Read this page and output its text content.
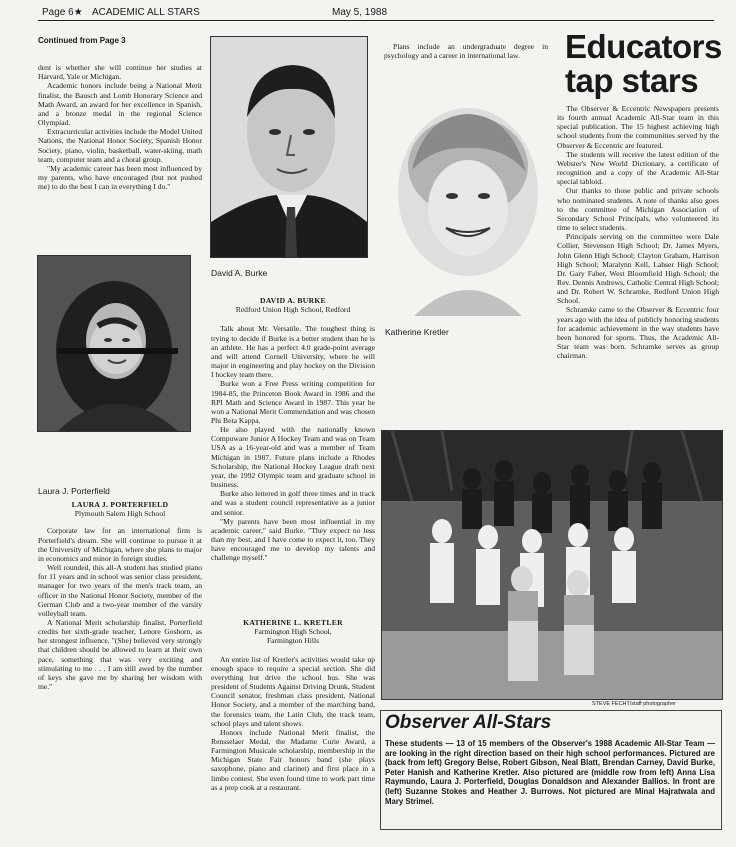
Page 6★ ACADEMIC ALL STARS	May 5, 1988
Continued from Page 3

dent is whether she will continue her studies at Harvard, Yale or Michigan.

Academic honors include being a National Merit finalist, the Bausch and Lomb Honorary Science and Math Award, an award for her excellence in Spanish, and a bronze medal in the regional Science Olympiad.

Extracurricular activities include the Model United Nations, the National Honor Society, Spanish Honor Society, piano, violin, basketball, water-skiing, math team, computer team and a choral group.

"My academic career has been most influenced by my parents, who have encouraged (but not pushed me) to do the best I can in everything I do."

Laura J. Porterfield
LAURA J. PORTERFIELD
Plymouth Salem High School

Corporate law for an international firm is Porterfield's dream. She will continue to pursue it at the University of Michigan, where she plans to major in economics and minor in foreign studies.

Well rounded, this all-A student has studied piano for 11 years and in school was senior class president, manager for two years of the men's track team, an officer in the National Honor Society, member of the German Club and a two-year member of the varsity volleyball team.

A National Merit scholarship finalist, Porterfield credits her sixth-grade teacher, Lenore Goshorn, as her strongest influence. "(She) believed very strongly that children should be allowed to learn at their own pace, something that was very exciting and stimulating to me . . . I am still awed by the number of keys she gave me by sharing her wisdom with me."

David A. Burke
DAVID A. BURKE
Redford Union High School, Redford

Talk about Mr. Versatile. The toughest thing is trying to decide if Burke is a better student than he is an athlete. He has a perfect 4.0 grade-point average and will attend Cornell University, where he will major in engineering and play hockey on the Division I hockey team there.

Burke won a Free Press writing competition for 1984-85, the Princeton Book Award in 1986 and the RPI Math and Science Award in 1987. This year he won a National Merit Commendation and was chosen Phi Beta Kappa.

He also played with the nationally known Compuware Junior A Hockey Team and was on Team USA as a 16-year-old and was a member of Team Michigan in 1987. Future plans include a Rhodes Scholarship, the National Hockey League draft next year, the 1992 Olympic team and graduate school in business.

Burke also lettered in golf three times and in track and was a student council representative as a junior and senior.

"My parents have been most influential in my academic career," said Burke. "They expect no less than my best, and I have come to expect it, too. They have encouraged me to develop my talents and challenge myself."

KATHERINE L. KRETLER
Farmington High School,
Farmington Hills

An entire list of Kretler's activities would take up enough space to require a special section. She did everything but drive the school bus. She was president of Students Against Driving Drunk, Student Council senator, freshman class president, National Honor Society, and a member of the marching band, the forensics team, the Latin Club, the track team, school plays and talent shows.

Honors include National Merit finalist, the Rensselaer Medal, the Madame Curie Award, a Farmington Musicale scholarship, membership in the Michigan State Fair honors band (she plays saxophone, piano and clarinet) and first place in a limbo contest. She even found time to work part time as a prep cook at a restaurant.

Plans include an undergraduate degree in psychology and a career in international law.

Katherine Kretler
Educators
tap stars

The Observer & Eccentric Newspapers presents its fourth annual Academic All-Star team in this special publication. The 15 highest achieving high school students from the communities served by the Observer & Eccentric are featured.

The students will receive the latest edition of the Webster's New World Dictionary, a certificate of recognition and a copy of the Academic All-Star special tabloid.

Our thanks to those public and private schools who nominated students. A note of thanks also goes to the committee of Michigan Association of Secondary School Principals, who volunteered its time to select students.

Principals serving on the committee were Dale Collier, Stevenson High School; Dr. James Myers, John Glenn High School; Clayton Graham, Harrison High School; Maralynn Kell, Lahser High School; Dr. Gary Faber, West Bloomfield High School; the Rev. Dennis Andrews, Catholic Central High School; and Dr. Robert W. Schramke, Redford Union High School.

Schramke came to the Observer & Eccentric four years ago with the idea of publicly honoring students for academic achievement in the way students have been honored for sports. Thus, the Academic All-Star team was born. Schramke serves as group chairman.

STEVE FECHT/staff photographer
Observer All-Stars
These students — 13 of 15 members of the Observer's 1988 Academic All-Star Team — are looking in the right direction based on their high school performances. Pictured are (back from left) Gregory Belse, Robert Gibson, Neal Blatt, Brendan Carney, David Burke, Peter Hanish and Katherine Kretler. Also pictured are (middle row from left) Anna Lisa Raymundo, Laura J. Porterfield, Douglas Donaldson and Alexander Ballios. In front are (left) Suzanne Stokes and Heather J. Burrows. Not pictured are Minal Hajratwala and Mary Strimel.
